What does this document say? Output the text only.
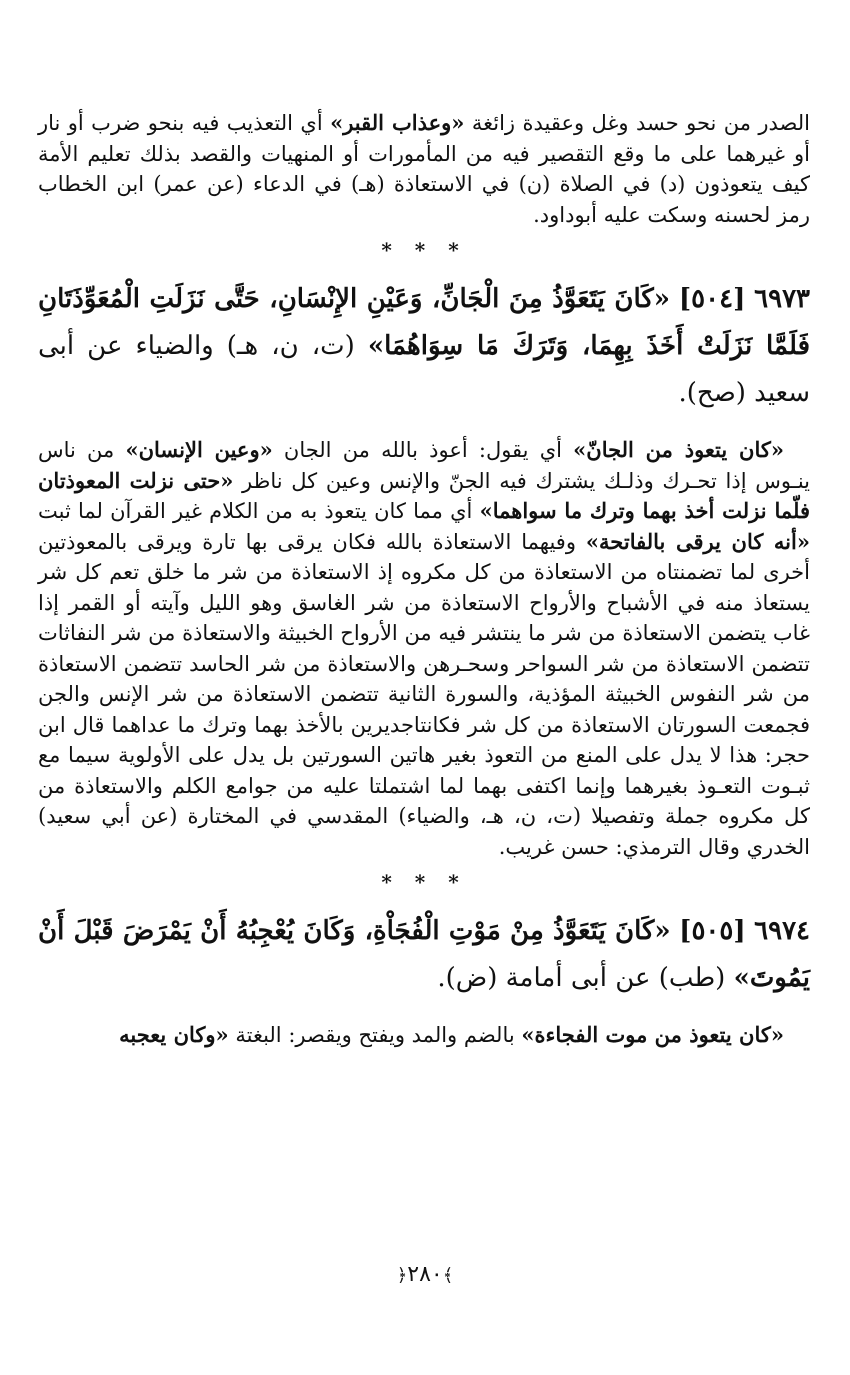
الصدر من نحو حسد وغل وعقيدة زائغة «وعذاب القبر» أي التعذيب فيه بنحو ضرب أو نار أو غيرهما على ما وقع التقصير فيه من المأمورات أو المنهيات والقصد بذلك تعليم الأمة كيف يتعوذون (د) في الصلاة (ن) في الاستعاذة (هـ) في الدعاء (عن عمر) ابن الخطاب رمز لحسنه وسكت عليه أبوداود.

* * *

٦٩٧٣ [٥٠٤] «كَانَ يَتَعَوَّذُ مِنَ الْجَانِّ، وَعَيْنِ الإِنْسَانِ، حَتَّى نَزَلَتِ الْمُعَوِّذَتَانِ فَلَمَّا نَزَلَتْ أَخَذَ بِهِمَا، وَتَرَكَ مَا سِوَاهُمَا» (ت، ن، هـ) والضياء عن أبى سعيد (صح).

«كان يتعوذ من الجانّ» أي يقول: أعوذ بالله من الجان «وعين الإنسان» من ناس ينـوس إذا تحـرك وذلـك يشترك فيه الجنّ والإنس وعين كل ناظر «حتى نزلت المعوذتان فلّما نزلت أخذ بهما وترك ما سواهما» أي مما كان يتعوذ به من الكلام غير القرآن لما ثبت «أنه كان يرقى بالفاتحة» وفيهما الاستعاذة بالله فكان يرقى بها تارة ويرقى بالمعوذتين أخرى لما تضمنتاه من الاستعاذة من كل مكروه إذ الاستعاذة من شر ما خلق تعم كل شر يستعاذ منه في الأشباح والأرواح الاستعاذة من شر الغاسق وهو الليل وآيته أو القمر إذا غاب يتضمن الاستعاذة من شر ما ينتشر فيه من الأرواح الخبيثة والاستعاذة من شر النفاثات تتضمن الاستعاذة من شر السواحر وسحـرهن والاستعاذة من شر الحاسد تتضمن الاستعاذة من شر النفوس الخبيثة المؤذية، والسورة الثانية تتضمن الاستعاذة من شر الإنس والجن فجمعت السورتان الاستعاذة من كل شر فكانتاجديرين بالأخذ بهما وترك ما عداهما قال ابن حجر: هذا لا يدل على المنع من التعوذ بغير هاتين السورتين بل يدل على الأولوية سيما مع ثبـوت التعـوذ بغيرهما وإنما اكتفى بهما لما اشتملتا عليه من جوامع الكلم والاستعاذة من كل مكروه جملة وتفصيلا (ت، ن، هـ، والضياء) المقدسي في المختارة (عن أبي سعيد) الخدري وقال الترمذي: حسن غريب.

* * *

٦٩٧٤ [٥٠٥] «كَانَ يَتَعَوَّذُ مِنْ مَوْتِ الْفُجَاْةِ، وَكَانَ يُعْجِبُهُ أَنْ يَمْرَضَ قَبْلَ أَنْ يَمُوتَ» (طب) عن أبى أمامة (ض).

«كان يتعوذ من موت الفجاءة» بالضم والمد ويفتح ويقصر: البغتة «وكان يعجبه

﴾٢٨٠﴿
